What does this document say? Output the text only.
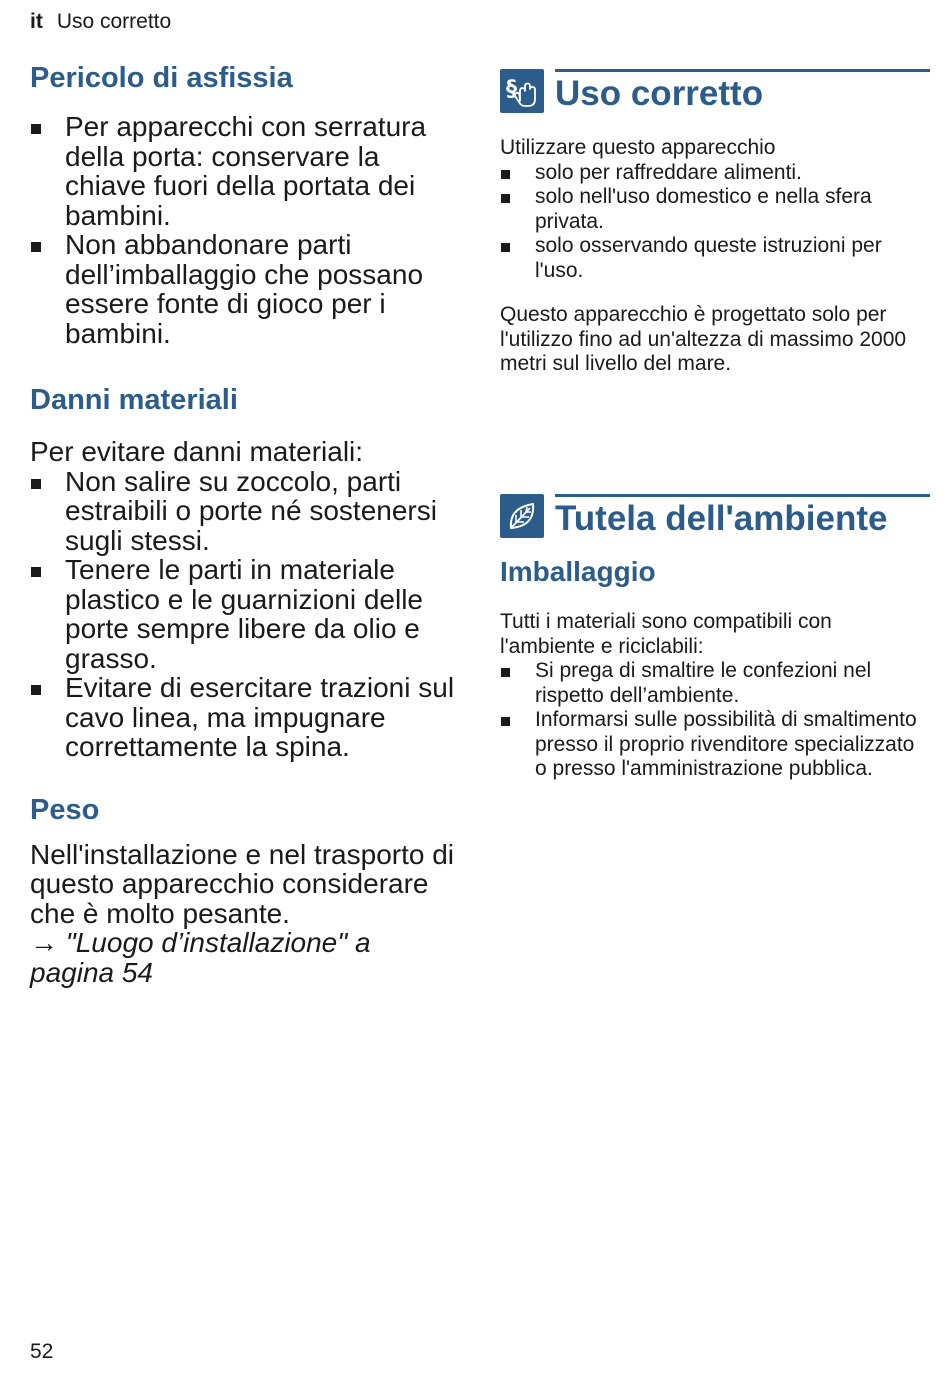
it Uso corretto
Pericolo di asfissia
Per apparecchi con serratura della porta: conservare la chiave fuori della portata dei bambini.
Non abbandonare parti dell’imballaggio che possano essere fonte di gioco per i bambini.
Danni materiali
Per evitare danni materiali:
Non salire su zoccolo, parti estraibili o porte né sostenersi sugli stessi.
Tenere le parti in materiale plastico e le guarnizioni delle porte sempre libere da olio e grasso.
Evitare di esercitare trazioni sul cavo linea, ma impugnare correttamente la spina.
Peso
Nell'installazione e nel trasporto di questo apparecchio considerare che è molto pesante.
→ "Luogo d’installazione" a pagina 54
§ Uso corretto
Utilizzare questo apparecchio
solo per raffreddare alimenti.
solo nell'uso domestico e nella sfera privata.
solo osservando queste istruzioni per l'uso.
Questo apparecchio è progettato solo per l'utilizzo fino ad un'altezza di massimo 2000 metri sul livello del mare.
Tutela dell'ambiente
Imballaggio
Tutti i materiali sono compatibili con l'ambiente e riciclabili:
Si prega di smaltire le confezioni nel rispetto dell’ambiente.
Informarsi sulle possibilità di smaltimento presso il proprio rivenditore specializzato o presso l'amministrazione pubblica.
52
